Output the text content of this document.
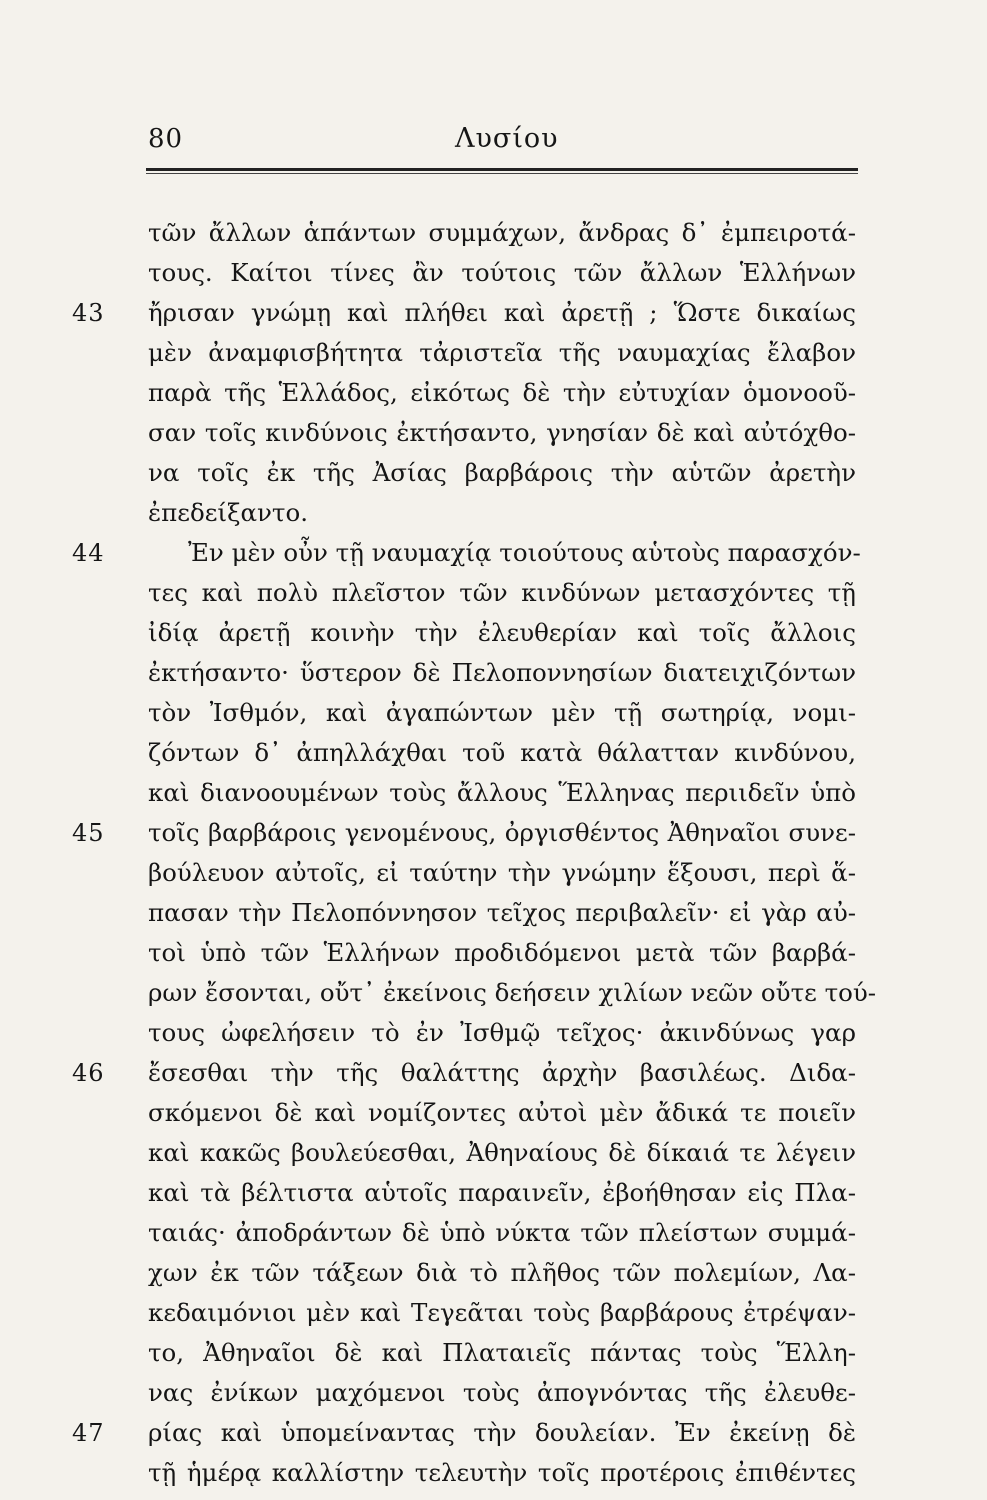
80	Λυσίου
τῶν ἄλλων ἁπάντων συμμάχων, ἄνδρας δ᾽ ἐμπειροτά-
τους. Καίτοι τίνες ἂν τούτοις τῶν ἄλλων Ἑλλήνων
43	ἤρισαν γνώμῃ καὶ πλήθει καὶ ἀρετῇ ; Ὥστε δικαίως
μὲν ἀναμφισβήτητα τἀριστεῖα τῆς ναυμαχίας ἔλαβον
παρὰ τῆς Ἑλλάδος, εἰκότως δὲ τὴν εὐτυχίαν ὁμονοοῦ-
σαν τοῖς κινδύνοις ἐκτήσαντο, γνησίαν δὲ καὶ αὐτόχθο-
να τοῖς ἐκ τῆς Ἀσίας βαρβάροις τὴν αὑτῶν ἀρετὴν
ἐπεδείξαντο.
44	Ἐν μὲν οὖν τῇ ναυμαχίᾳ τοιούτους αὑτοὺς παρασχόν-
τες καὶ πολὺ πλεῖστον τῶν κινδύνων μετασχόντες τῇ
ἰδίᾳ ἀρετῇ κοινὴν τὴν ἐλευθερίαν καὶ τοῖς ἄλλοις
ἐκτήσαντο· ὕστερον δὲ Πελοποννησίων διατειχιζόντων
τὸν Ἰσθμόν, καὶ ἀγαπώντων μὲν τῇ σωτηρίᾳ, νομι-
ζόντων δ᾽ ἀπηλλάχθαι τοῦ κατὰ θάλατταν κινδύνου,
καὶ διανοουμένων τοὺς ἄλλους Ἕλληνας περιιδεῖν ὑπὸ
45	τοῖς βαρβάροις γενομένους, ὀργισθέντος Ἀθηναῖοι συνε-
βούλευον αὐτοῖς, εἰ ταύτην τὴν γνώμην ἕξουσι, περὶ ἅ-
πασαν τὴν Πελοπόννησον τεῖχος περιβαλεῖν· εἰ γὰρ αὐ-
τοὶ ὑπὸ τῶν Ἑλλήνων προδιδόμενοι μετὰ τῶν βαρβά-
ρων ἔσονται, οὔτ᾽ ἐκείνοις δεήσειν χιλίων νεῶν οὔτε τού-
τους ὠφελήσειν τὸ ἐν Ἰσθμῷ τεῖχος· ἀκινδύνως γαρ
46	ἔσεσθαι τὴν τῆς θαλάττης ἀρχὴν βασιλέως. Διδα-
σκόμενοι δὲ καὶ νομίζοντες αὐτοὶ μὲν ἄδικά τε ποιεῖν
καὶ κακῶς βουλεύεσθαι, Ἀθηναίους δὲ δίκαιά τε λέγειν
καὶ τὰ βέλτιστα αὑτοῖς παραινεῖν, ἐβοήθησαν εἰς Πλα-
ταιάς· ἀποδράντων δὲ ὑπὸ νύκτα τῶν πλείστων συμμά-
χων ἐκ τῶν τάξεων διὰ τὸ πλῆθος τῶν πολεμίων, Λα-
κεδαιμόνιοι μὲν καὶ Τεγεᾶται τοὺς βαρβάρους ἐτρέψαν-
το, Ἀθηναῖοι δὲ καὶ Πλαταιεῖς πάντας τοὺς Ἕλλη-
νας ἐνίκων μαχόμενοι τοὺς ἀπογνόντας τῆς ἐλευθε-
47	ρίας καὶ ὑπομείναντας τὴν δουλείαν. Ἐν ἐκείνῃ δὲ
τῇ ἡμέρᾳ καλλίστην τελευτὴν τοῖς προτέροις ἐπιθέντες
